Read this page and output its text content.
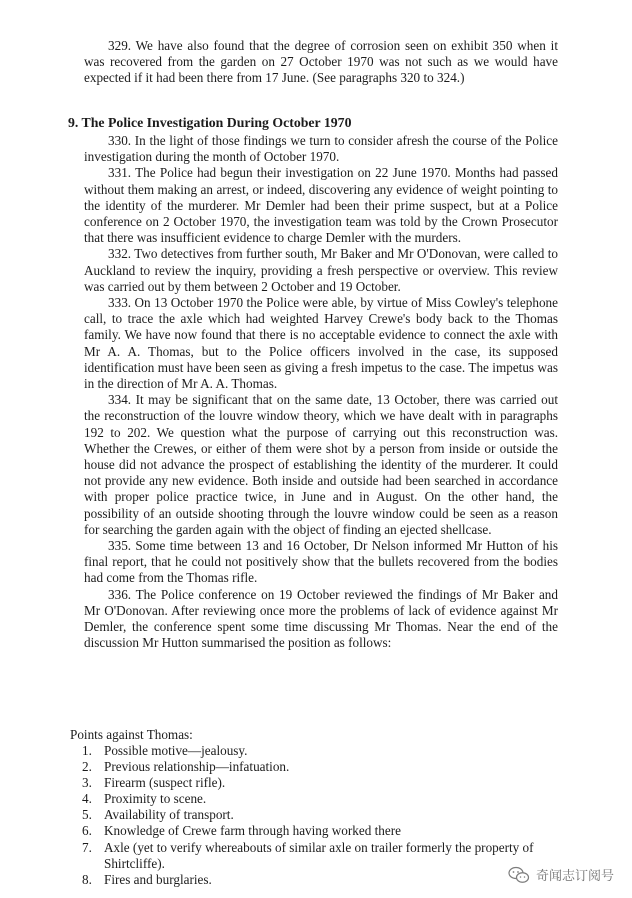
329. We have also found that the degree of corrosion seen on exhibit 350 when it was recovered from the garden on 27 October 1970 was not such as we would have expected if it had been there from 17 June. (See paragraphs 320 to 324.)

9. The Police Investigation During October 1970

330. In the light of those findings we turn to consider afresh the course of the Police investigation during the month of October 1970.

331. The Police had begun their investigation on 22 June 1970. Months had passed without them making an arrest, or indeed, discovering any evidence of weight pointing to the identity of the murderer. Mr Demler had been their prime suspect, but at a Police conference on 2 October 1970, the investigation team was told by the Crown Prosecutor that there was insufficient evidence to charge Demler with the murders.

332. Two detectives from further south, Mr Baker and Mr O'Donovan, were called to Auckland to review the inquiry, providing a fresh perspective or overview. This review was carried out by them between 2 October and 19 October.

333. On 13 October 1970 the Police were able, by virtue of Miss Cowley's telephone call, to trace the axle which had weighted Harvey Crewe's body back to the Thomas family. We have now found that there is no acceptable evidence to connect the axle with Mr A. A. Thomas, but to the Police officers involved in the case, its supposed identification must have been seen as giving a fresh impetus to the case. The impetus was in the direction of Mr A. A. Thomas.

334. It may be significant that on the same date, 13 October, there was carried out the reconstruction of the louvre window theory, which we have dealt with in paragraphs 192 to 202. We question what the purpose of carrying out this reconstruction was. Whether the Crewes, or either of them were shot by a person from inside or outside the house did not advance the prospect of establishing the identity of the murderer. It could not provide any new evidence. Both inside and outside had been searched in accordance with proper police practice twice, in June and in August. On the other hand, the possibility of an outside shooting through the louvre window could be seen as a reason for searching the garden again with the object of finding an ejected shellcase.

335. Some time between 13 and 16 October, Dr Nelson informed Mr Hutton of his final report, that he could not positively show that the bullets recovered from the bodies had come from the Thomas rifle.

336. The Police conference on 19 October reviewed the findings of Mr Baker and Mr O'Donovan. After reviewing once more the problems of lack of evidence against Mr Demler, the conference spent some time discussing Mr Thomas. Near the end of the discussion Mr Hutton summarised the position as follows:

Points against Thomas:
1. Possible motive—jealousy.
2. Previous relationship—infatuation.
3. Firearm (suspect rifle).
4. Proximity to scene.
5. Availability of transport.
6. Knowledge of Crewe farm through having worked there
7. Axle (yet to verify whereabouts of similar axle on trailer formerly the property of Shirtcliffe).
8. Fires and burglaries.	奇闻志订阅号
